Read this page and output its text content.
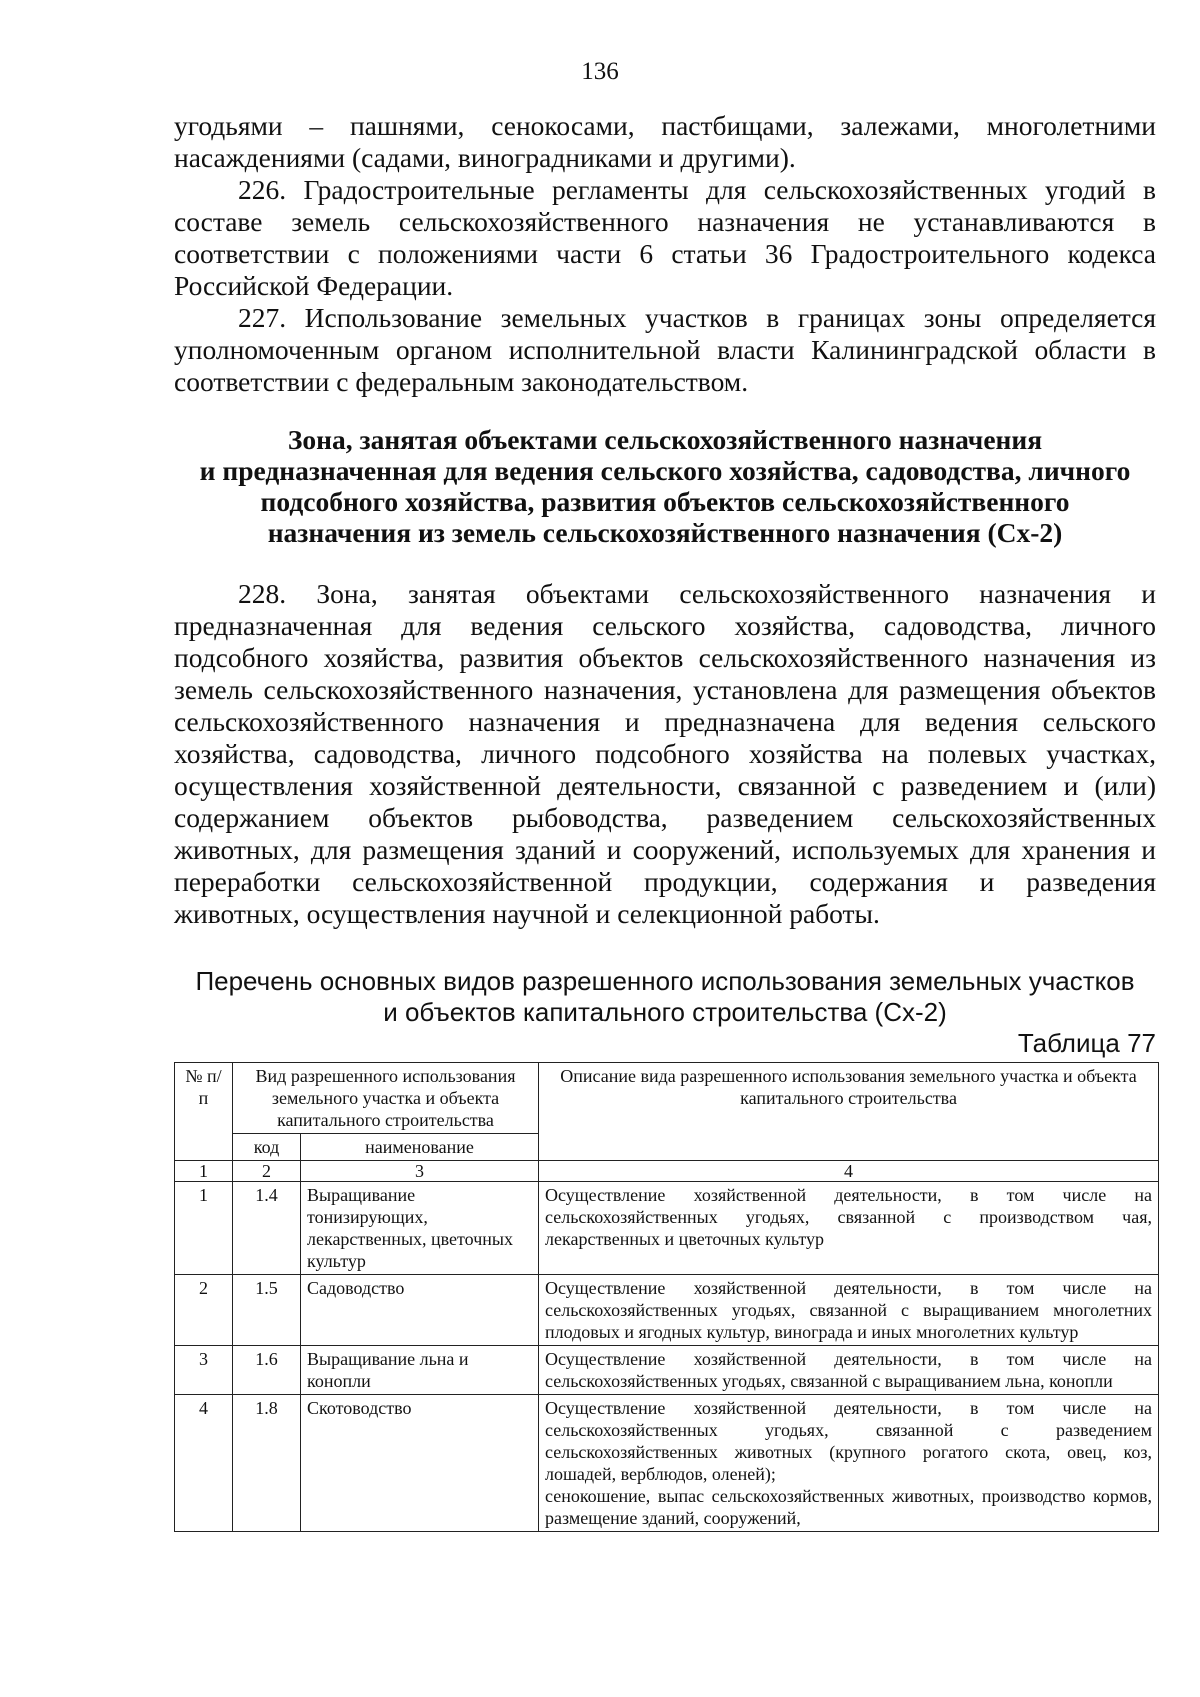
136

угодьями – пашнями, сенокосами, пастбищами, залежами, многолетними насаждениями (садами, виноградниками и другими).

226. Градостроительные регламенты для сельскохозяйственных угодий в составе земель сельскохозяйственного назначения не устанавливаются в соответствии с положениями части 6 статьи 36 Градостроительного кодекса Российской Федерации.

227. Использование земельных участков в границах зоны определяется уполномоченным органом исполнительной власти Калининградской области в соответствии с федеральным законодательством.

Зона, занятая объектами сельскохозяйственного назначения
и предназначенная для ведения сельского хозяйства, садоводства, личного
подсобного хозяйства, развития объектов сельскохозяйственного
назначения из земель сельскохозяйственного назначения (Сх-2)

228. Зона, занятая объектами сельскохозяйственного назначения и предназначенная для ведения сельского хозяйства, садоводства, личного подсобного хозяйства, развития объектов сельскохозяйственного назначения из земель сельскохозяйственного назначения, установлена для размещения объектов сельскохозяйственного назначения и предназначена для ведения сельского хозяйства, садоводства, личного подсобного хозяйства на полевых участках, осуществления хозяйственной деятельности, связанной с разведением и (или) содержанием объектов рыбоводства, разведением сельскохозяйственных животных, для размещения зданий и сооружений, используемых для хранения и переработки сельскохозяйственной продукции, содержания и разведения животных, осуществления научной и селекционной работы.

Перечень основных видов разрешенного использования земельных участков
и объектов капитального строительства (Сх-2)
Таблица 77
№ п/п	Вид разрешенного использования земельного участка и объекта капитального строительства		Описание вида разрешенного использования земельного участка и объекта капитального строительства
	код	наименование	
1	2	3	4
1	1.4	Выращивание тонизирующих, лекарственных, цветочных культур	Осуществление хозяйственной деятельности, в том числе на сельскохозяйственных угодьях, связанной с производством чая, лекарственных и цветочных культур
2	1.5	Садоводство	Осуществление хозяйственной деятельности, в том числе на сельскохозяйственных угодьях, связанной с выращиванием многолетних плодовых и ягодных культур, винограда и иных многолетних культур
3	1.6	Выращивание льна и конопли	Осуществление хозяйственной деятельности, в том числе на сельскохозяйственных угодьях, связанной с выращиванием льна, конопли
4	1.8	Скотоводство	Осуществление хозяйственной деятельности, в том числе на сельскохозяйственных угодьях, связанной с разведением сельскохозяйственных животных (крупного рогатого скота, овец, коз, лошадей, верблюдов, оленей);
сенокошение, выпас сельскохозяйственных животных, производство кормов, размещение зданий, сооружений,
